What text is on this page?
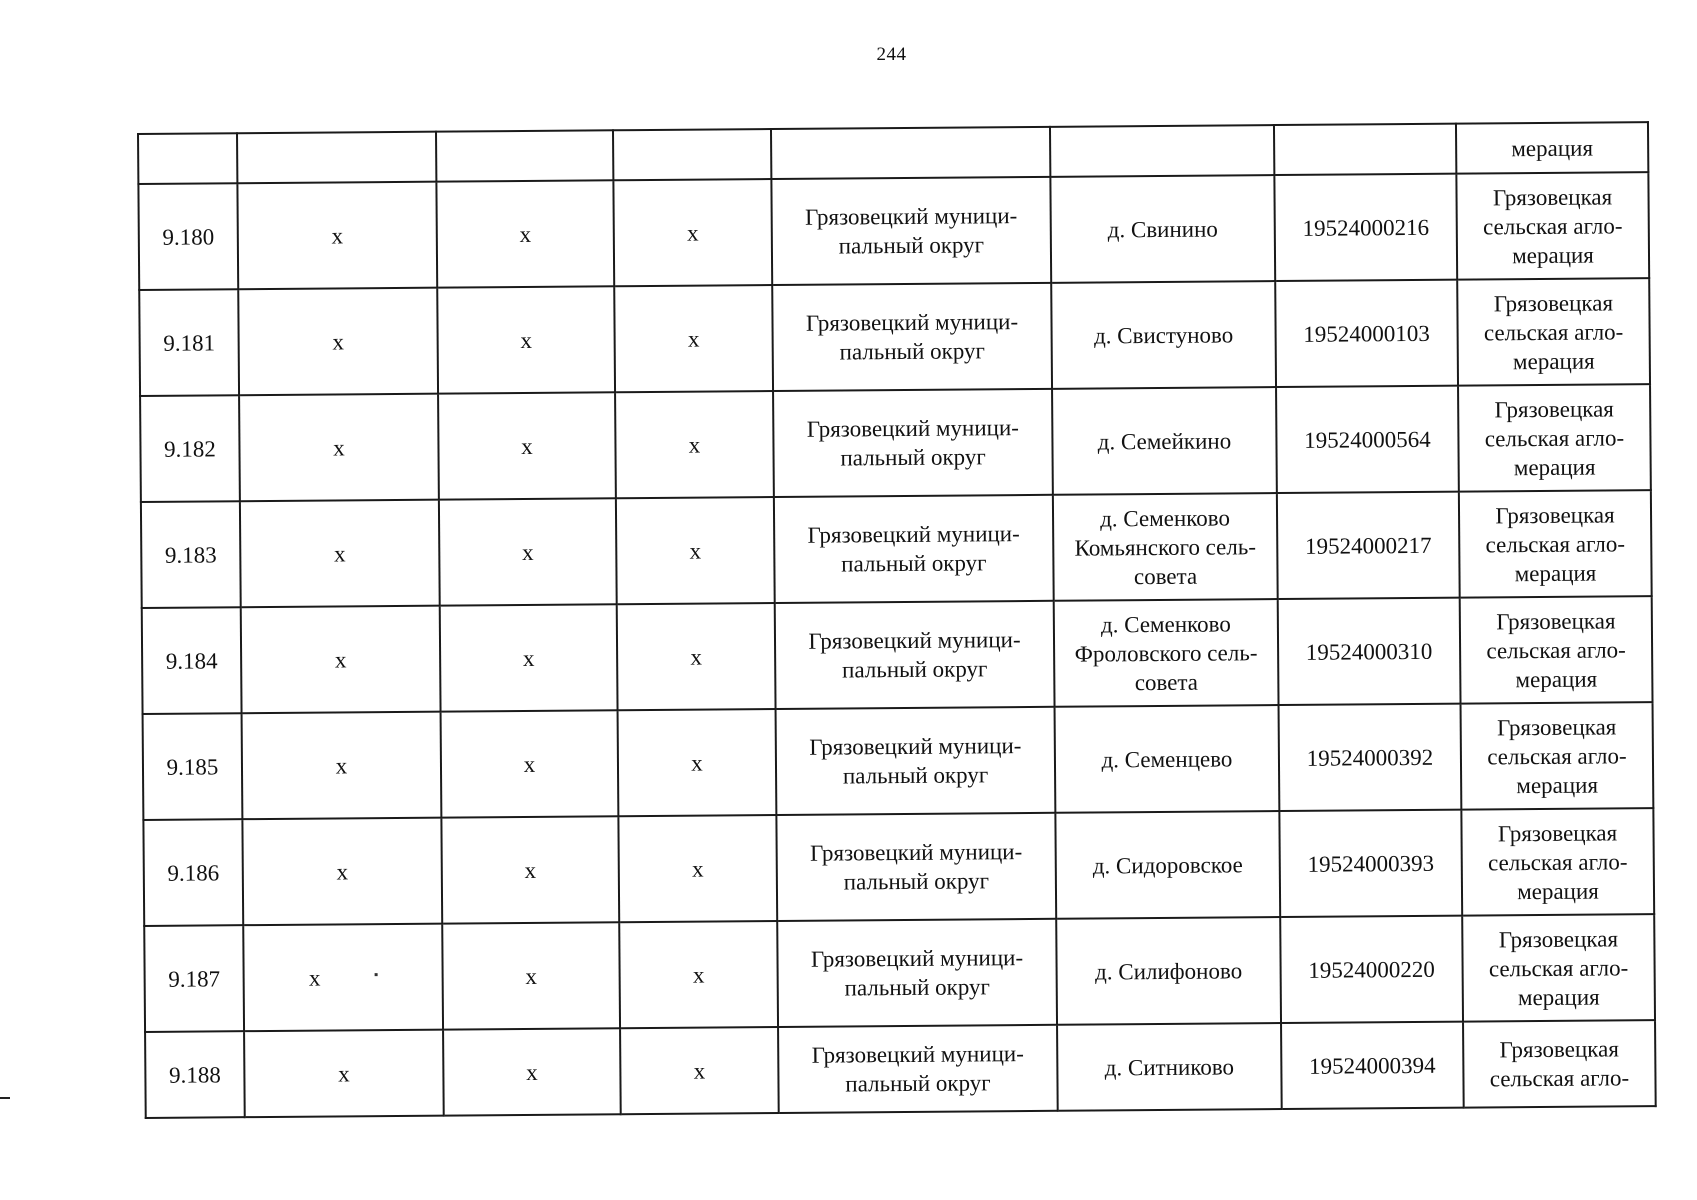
244
							мерация
9.180	x	x	x	Грязовецкий муници-
пальный округ	д. Свинино	19524000216	Грязовецкая
сельская агло-
мерация
9.181	x	x	x	Грязовецкий муници-
пальный округ	д. Свистуново	19524000103	Грязовецкая
сельская агло-
мерация
9.182	x	x	x	Грязовецкий муници-
пальный округ	д. Семейкино	19524000564	Грязовецкая
сельская агло-
мерация
9.183	x	x	x	Грязовецкий муници-
пальный округ	д. Семенково
Комьянского сель-
совета	19524000217	Грязовецкая
сельская агло-
мерация
9.184	x	x	x	Грязовецкий муници-
пальный округ	д. Семенково
Фроловского сель-
совета	19524000310	Грязовецкая
сельская агло-
мерация
9.185	x	x	x	Грязовецкий муници-
пальный округ	д. Семенцево	19524000392	Грязовецкая
сельская агло-
мерация
9.186	x	x	x	Грязовецкий муници-
пальный округ	д. Сидоровское	19524000393	Грязовецкая
сельская агло-
мерация
9.187	x	x	x	Грязовецкий муници-
пальный округ	д. Силифоново	19524000220	Грязовецкая
сельская агло-
мерация
9.188	x	x	x	Грязовецкий муници-
пальный округ	д. Ситниково	19524000394	Грязовецкая
сельская агло-
